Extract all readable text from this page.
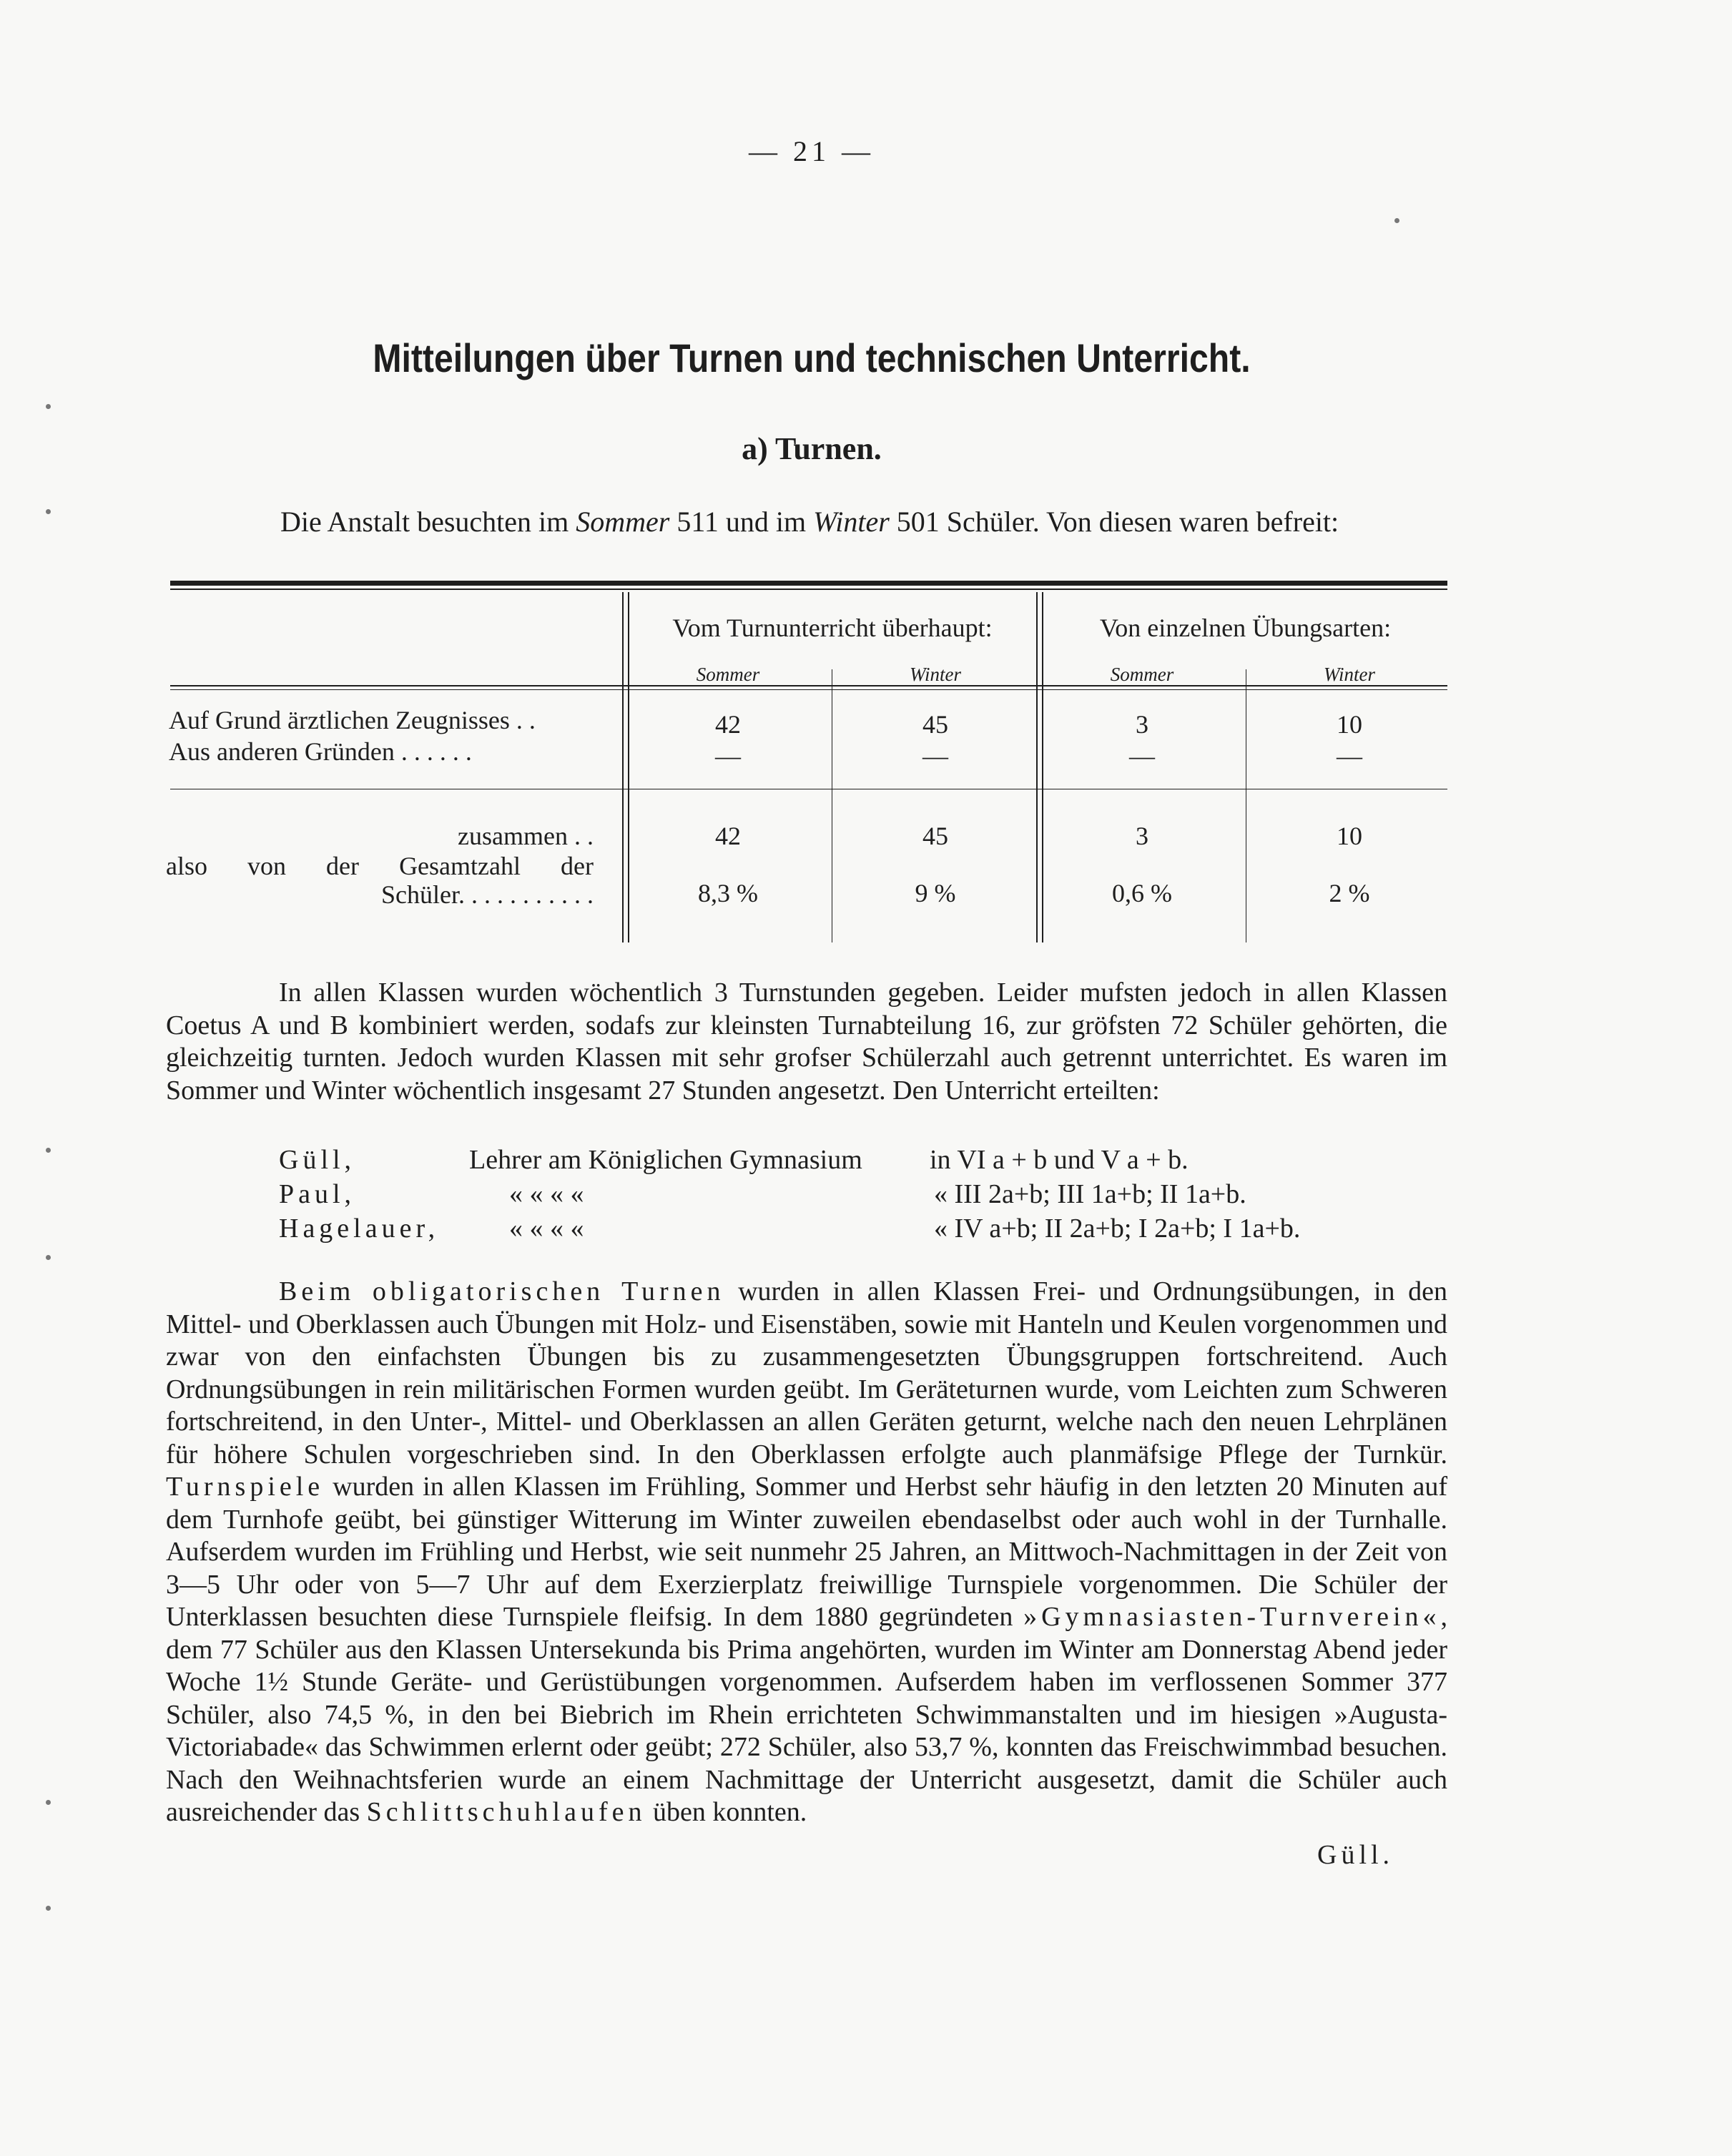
— 21 —
Mitteilungen über Turnen und technischen Unterricht.
a) Turnen.
Die Anstalt besuchten im Sommer 511 und im Winter 501 Schüler. Von diesen waren befreit:
Vom Turnunterricht überhaupt:	Von einzelnen Übungsarten:
Sommer	Winter	Sommer	Winter
Auf Grund ärztlichen Zeugnisses . .	42	45	3	10
Aus anderen Gründen . . . . . .	—	—	—	—
zusammen . .	42	45	3	10
also von der Gesamtzahl der
Schüler. . . . . . . . . . .	8,3 %	9 %	0,6 %	2 %

In allen Klassen wurden wöchentlich 3 Turnstunden gegeben. Leider mufsten jedoch in allen Klassen Coetus A und B kombiniert werden, sodafs zur kleinsten Turnabteilung 16, zur gröfsten 72 Schüler gehörten, die gleichzeitig turnten. Jedoch wurden Klassen mit sehr grofser Schülerzahl auch getrennt unterrichtet. Es waren im Sommer und Winter wöchentlich insgesamt 27 Stunden angesetzt. Den Unterricht erteilten:

Güll,	Lehrer am Königlichen Gymnasium in VI a + b und V a + b.
Paul,	« « « «	« III 2a+b; III 1a+b; II 1a+b.
Hagelauer,	« « « «	« IV a+b; II 2a+b; I 2a+b; I 1a+b.

Beim obligatorischen Turnen wurden in allen Klassen Frei- und Ordnungsübungen, in den Mittel- und Oberklassen auch Übungen mit Holz- und Eisenstäben, sowie mit Hanteln und Keulen vorgenommen und zwar von den einfachsten Übungen bis zu zusammengesetzten Übungsgruppen fortschreitend. Auch Ordnungsübungen in rein militärischen Formen wurden geübt. Im Geräteturnen wurde, vom Leichten zum Schweren fortschreitend, in den Unter-, Mittel- und Oberklassen an allen Geräten geturnt, welche nach den neuen Lehrplänen für höhere Schulen vorgeschrieben sind. In den Oberklassen erfolgte auch planmäfsige Pflege der Turnkür. Turnspiele wurden in allen Klassen im Frühling, Sommer und Herbst sehr häufig in den letzten 20 Minuten auf dem Turnhofe geübt, bei günstiger Witterung im Winter zuweilen ebendaselbst oder auch wohl in der Turnhalle. Aufserdem wurden im Frühling und Herbst, wie seit nunmehr 25 Jahren, an Mittwoch-Nachmittagen in der Zeit von 3—5 Uhr oder von 5—7 Uhr auf dem Exerzierplatz freiwillige Turnspiele vorgenommen. Die Schüler der Unterklassen besuchten diese Turnspiele fleifsig. In dem 1880 gegründeten »Gymnasiasten-Turnverein«, dem 77 Schüler aus den Klassen Untersekunda bis Prima angehörten, wurden im Winter am Donnerstag Abend jeder Woche 1½ Stunde Geräte- und Gerüstübungen vorgenommen. Aufserdem haben im verflossenen Sommer 377 Schüler, also 74,5 %, in den bei Biebrich im Rhein errichteten Schwimmanstalten und im hiesigen »Augusta-Victoriabade« das Schwimmen erlernt oder geübt; 272 Schüler, also 53,7 %, konnten das Freischwimmbad besuchen. Nach den Weihnachtsferien wurde an einem Nachmittage der Unterricht ausgesetzt, damit die Schüler auch ausreichender das Schlittschuhlaufen üben konnten.

Güll.
